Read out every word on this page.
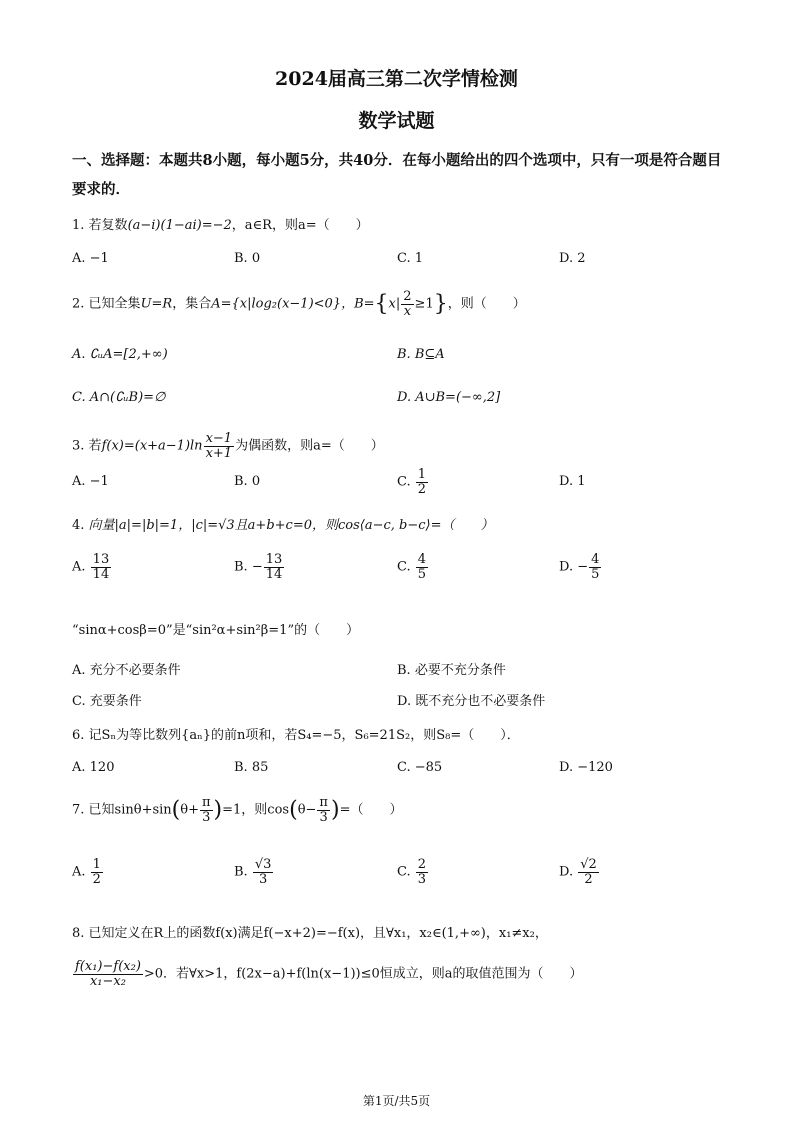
2024届高三第二次学情检测
数学试题
一、选择题：本题共8小题，每小题5分，共40分．在每小题给出的四个选项中，只有一项是符合题目要求的．
1. 若复数(a−i)(1−ai)=−2，a∈R，则a=（　　）
A. −1	B. 0	C. 1	D. 2
2. 已知全集U=R，集合A={x|log₂(x−1)<0}，$B=\{x| \frac{2}{x} \ge 1\}$，则（　　）
A. ∁ᵤA=[2,+∞)	B. B⊆A
C. A∩(∁ᵤB)=∅	D. A∪B=(−∞,2]
3. 若$f(x)=(x+a-1)\ln \frac{x-1}{x+1}$ 为偶函数，则a=（　　）
A. −1	B. 0	C. $\frac{1}{2}$	D. 1
4. 向量|a|=|b|=1，|c|=√3且a+b+c=0，则cos⟨a−c, b−c⟩=（　　）
A. $\frac{13}{14}$	B. − $\frac{13}{14}$	C. $\frac{4}{5}$	D. − $\frac{4}{5}$
“sinα+cosβ=0”是“sin²α+sin²β=1”的（　　）
A. 充分不必要条件	B. 必要不充分条件
C. 充要条件	D. 既不充分也不必要条件
6. 记Sₙ为等比数列{aₙ}的前n项和，若S₄=−5，S₆=21S₂，则S₈=（　　）．
A. 120	B. 85	C. −85	D. −120
7. 已知$\sin\theta+\sin(\theta+ \frac{\pi}{3} )=1$，则$\cos(\theta- \frac{\pi}{3}$ )=（　　）
A. $\frac{1}{2}$	B. $\frac{√3}{3}$	C. $\frac{2}{3}$	D. $\frac{√2}{2}$
8. 已知定义在R上的函数f(x)满足f(−x+2)=−f(x)，且∀x₁，x₂∈(1,+∞)，x₁≠x₂，
$\frac{\text{f(x₁)−f(x₂)}}{\text{x₁−x₂}} >0$．若∀x>1，f(2x−a)+f(ln(x−1))≤0恒成立，则a的取值范围为（　　）
第1页/共5页
